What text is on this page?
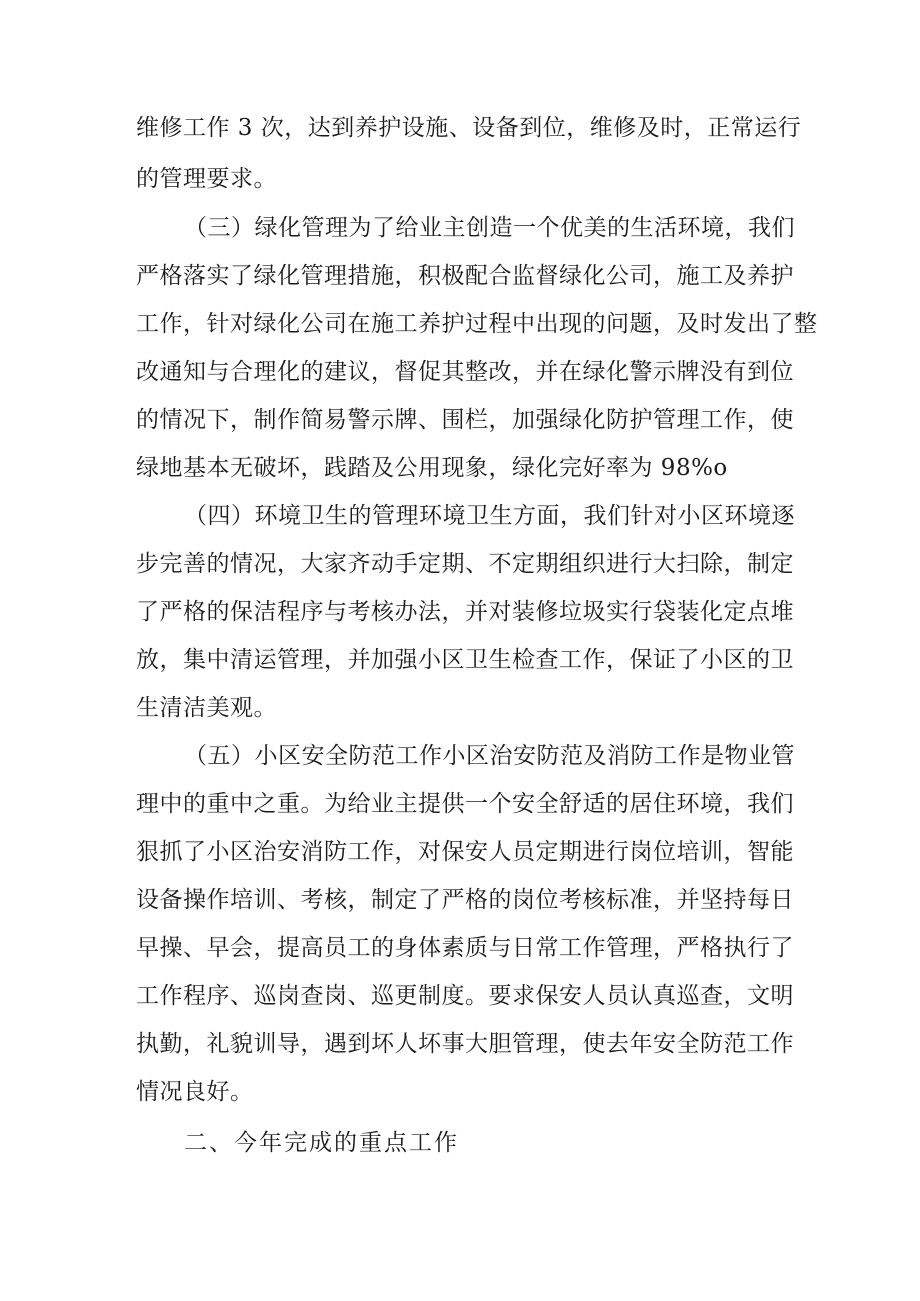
维修工作 3 次，达到养护设施、设备到位，维修及时，正常运行
的管理要求。
（三）绿化管理为了给业主创造一个优美的生活环境，我们
严格落实了绿化管理措施，积极配合监督绿化公司，施工及养护
工作，针对绿化公司在施工养护过程中出现的问题，及时发出了整
改通知与合理化的建议，督促其整改，并在绿化警示牌没有到位
的情况下，制作简易警示牌、围栏，加强绿化防护管理工作，使
绿地基本无破坏，践踏及公用现象，绿化完好率为 98%o
（四）环境卫生的管理环境卫生方面，我们针对小区环境逐
步完善的情况，大家齐动手定期、不定期组织进行大扫除，制定
了严格的保洁程序与考核办法，并对装修垃圾实行袋装化定点堆
放，集中清运管理，并加强小区卫生检查工作，保证了小区的卫
生清洁美观。
（五）小区安全防范工作小区治安防范及消防工作是物业管
理中的重中之重。为给业主提供一个安全舒适的居住环境，我们
狠抓了小区治安消防工作，对保安人员定期进行岗位培训，智能
设备操作培训、考核，制定了严格的岗位考核标准，并坚持每日
早操、早会，提高员工的身体素质与日常工作管理，严格执行了
工作程序、巡岗查岗、巡更制度。要求保安人员认真巡查，文明
执勤，礼貌训导，遇到坏人坏事大胆管理，使去年安全防范工作
情况良好。
二、今年完成的重点工作
